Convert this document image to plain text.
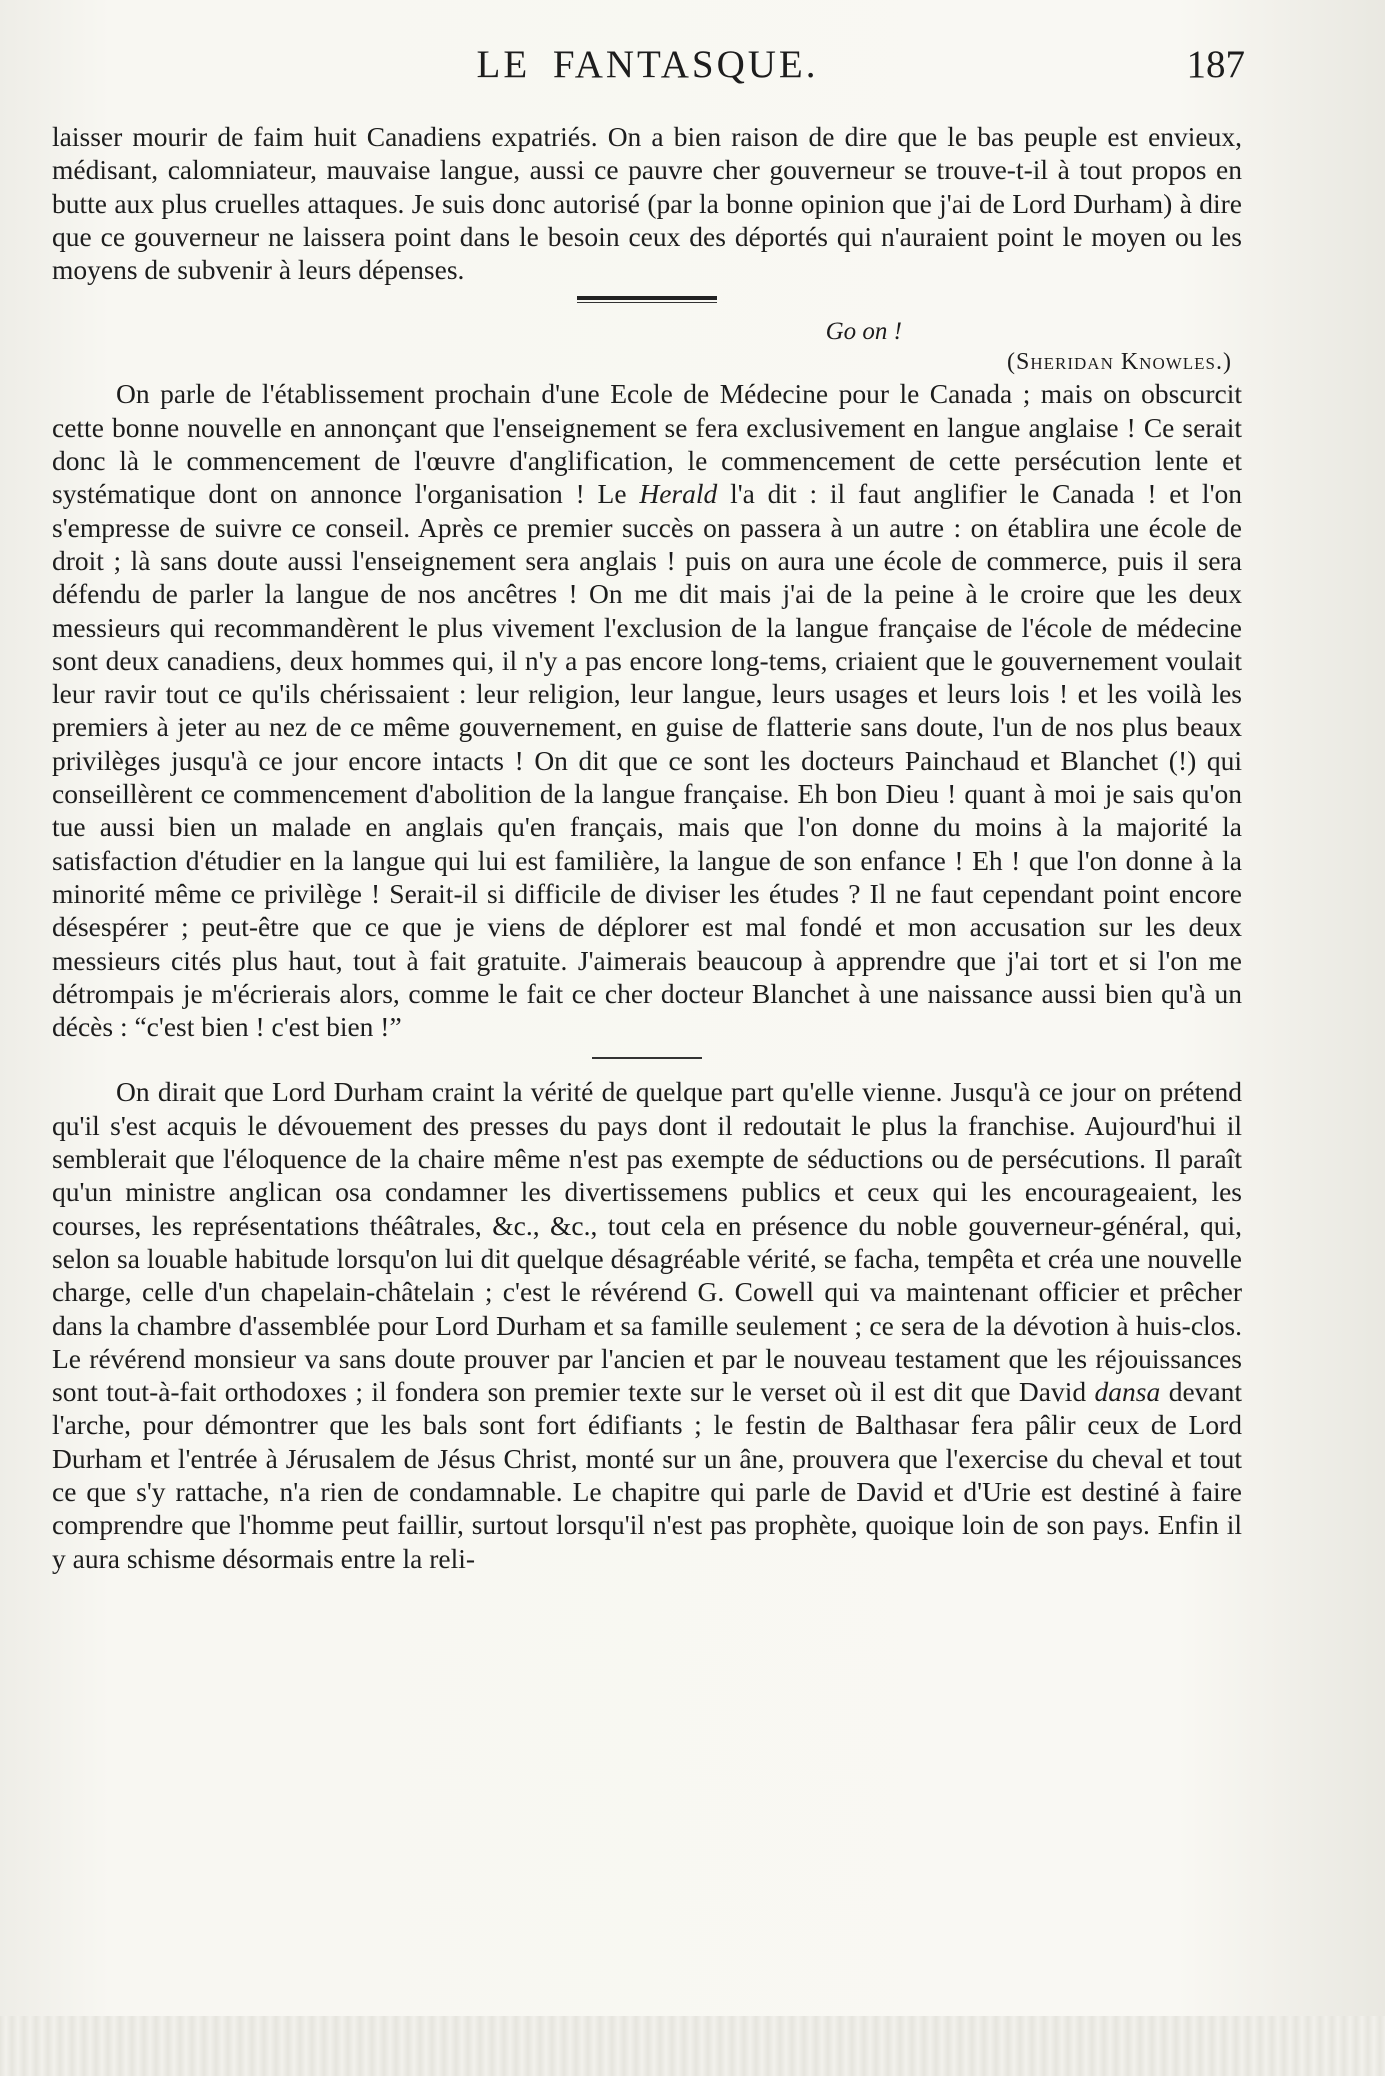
LE FANTASQUE.	187

laisser mourir de faim huit Canadiens expatriés. On a bien raison de dire que le bas peuple est envieux, médisant, calomniateur, mauvaise langue, aussi ce pauvre cher gouverneur se trouve-t-il à tout propos en butte aux plus cruelles attaques. Je suis donc autorisé (par la bonne opinion que j'ai de Lord Durham) à dire que ce gouverneur ne laissera point dans le besoin ceux des déportés qui n'auraient point le moyen ou les moyens de subvenir à leurs dépenses.

Go on !
(Sheridan Knowles.)

On parle de l'établissement prochain d'une Ecole de Médecine pour le Canada ; mais on obscurcit cette bonne nouvelle en annonçant que l'enseignement se fera exclusivement en langue anglaise ! Ce serait donc là le commencement de l'œuvre d'anglification, le commencement de cette persécution lente et systématique dont on annonce l'organisation ! Le Herald l'a dit : il faut anglifier le Canada ! et l'on s'empresse de suivre ce conseil. Après ce premier succès on passera à un autre : on établira une école de droit ; là sans doute aussi l'enseignement sera anglais ! puis on aura une école de commerce, puis il sera défendu de parler la langue de nos ancêtres ! On me dit mais j'ai de la peine à le croire que les deux messieurs qui recommandèrent le plus vivement l'exclusion de la langue française de l'école de médecine sont deux canadiens, deux hommes qui, il n'y a pas encore long-tems, criaient que le gouvernement voulait leur ravir tout ce qu'ils chérissaient : leur religion, leur langue, leurs usages et leurs lois ! et les voilà les premiers à jeter au nez de ce même gouvernement, en guise de flatterie sans doute, l'un de nos plus beaux privilèges jusqu'à ce jour encore intacts ! On dit que ce sont les docteurs Painchaud et Blanchet (!) qui conseillèrent ce commencement d'abolition de la langue française. Eh bon Dieu ! quant à moi je sais qu'on tue aussi bien un malade en anglais qu'en français, mais que l'on donne du moins à la majorité la satisfaction d'étudier en la langue qui lui est familière, la langue de son enfance ! Eh ! que l'on donne à la minorité même ce privilège ! Serait-il si difficile de diviser les études ? Il ne faut cependant point encore désespérer ; peut-être que ce que je viens de déplorer est mal fondé et mon accusation sur les deux messieurs cités plus haut, tout à fait gratuite. J'aimerais beaucoup à apprendre que j'ai tort et si l'on me détrompais je m'écrierais alors, comme le fait ce cher docteur Blanchet à une naissance aussi bien qu'à un décès : “c'est bien ! c'est bien !”

On dirait que Lord Durham craint la vérité de quelque part qu'elle vienne. Jusqu'à ce jour on prétend qu'il s'est acquis le dévouement des presses du pays dont il redoutait le plus la franchise. Aujourd'hui il semblerait que l'éloquence de la chaire même n'est pas exempte de séductions ou de persécutions. Il paraît qu'un ministre anglican osa condamner les divertissemens publics et ceux qui les encourageaient, les courses, les représentations théâtrales, &c., &c., tout cela en présence du noble gouverneur-général, qui, selon sa louable habitude lorsqu'on lui dit quelque désagréable vérité, se facha, tempêta et créa une nouvelle charge, celle d'un chapelain-châtelain ; c'est le révérend G. Cowell qui va maintenant officier et prêcher dans la chambre d'assemblée pour Lord Durham et sa famille seulement ; ce sera de la dévotion à huis-clos. Le révérend monsieur va sans doute prouver par l'ancien et par le nouveau testament que les réjouissances sont tout-à-fait orthodoxes ; il fondera son premier texte sur le verset où il est dit que David dansa devant l'arche, pour démontrer que les bals sont fort édifiants ; le festin de Balthasar fera pâlir ceux de Lord Durham et l'entrée à Jérusalem de Jésus Christ, monté sur un âne, prouvera que l'exercise du cheval et tout ce que s'y rattache, n'a rien de condamnable. Le chapitre qui parle de David et d'Urie est destiné à faire comprendre que l'homme peut faillir, surtout lorsqu'il n'est pas prophète, quoique loin de son pays. Enfin il y aura schisme désormais entre la reli-
